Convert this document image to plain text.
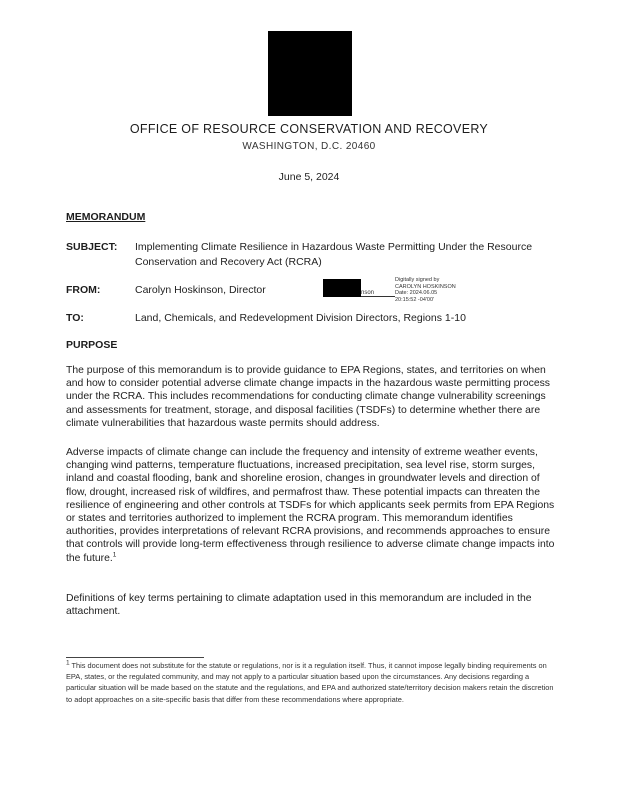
OFFICE OF RESOURCE CONSERVATION AND RECOVERY
WASHINGTON, D.C. 20460
June 5, 2024
MEMORANDUM
SUBJECT: Implementing Climate Resilience in Hazardous Waste Permitting Under the Resource Conservation and Recovery Act (RCRA)
FROM:	Carolyn Hoskinson, Director	nson
Digitally signed by
CAROLYN HOSKINSON
Date: 2024.06.05
20:15:52 -04'00'
TO:	Land, Chemicals, and Redevelopment Division Directors, Regions 1-10
PURPOSE

The purpose of this memorandum is to provide guidance to EPA Regions, states, and territories on when and how to consider potential adverse climate change impacts in the hazardous waste permitting process under the RCRA. This includes recommendations for conducting climate change vulnerability screenings and assessments for treatment, storage, and disposal facilities (TSDFs) to determine whether there are climate vulnerabilities that hazardous waste permits should address.

Adverse impacts of climate change can include the frequency and intensity of extreme weather events, changing wind patterns, temperature fluctuations, increased precipitation, sea level rise, storm surges, inland and coastal flooding, bank and shoreline erosion, changes in groundwater levels and direction of flow, drought, increased risk of wildfires, and permafrost thaw. These potential impacts can threaten the resilience of engineering and other controls at TSDFs for which applicants seek permits from EPA Regions or states and territories authorized to implement the RCRA program. This memorandum identifies authorities, provides interpretations of relevant RCRA provisions, and recommends approaches to ensure that controls will provide long-term effectiveness through resilience to adverse climate change impacts into the future.$^1$

Definitions of key terms pertaining to climate adaptation used in this memorandum are included in the attachment.

1 This document does not substitute for the statute or regulations, nor is it a regulation itself. Thus, it cannot impose legally binding requirements on EPA, states, or the regulated community, and may not apply to a particular situation based upon the circumstances. Any decisions regarding a particular situation will be made based on the statute and the regulations, and EPA and authorized state/territory decision makers retain the discretion to adopt approaches on a site-specific basis that differ from these recommendations where appropriate.
